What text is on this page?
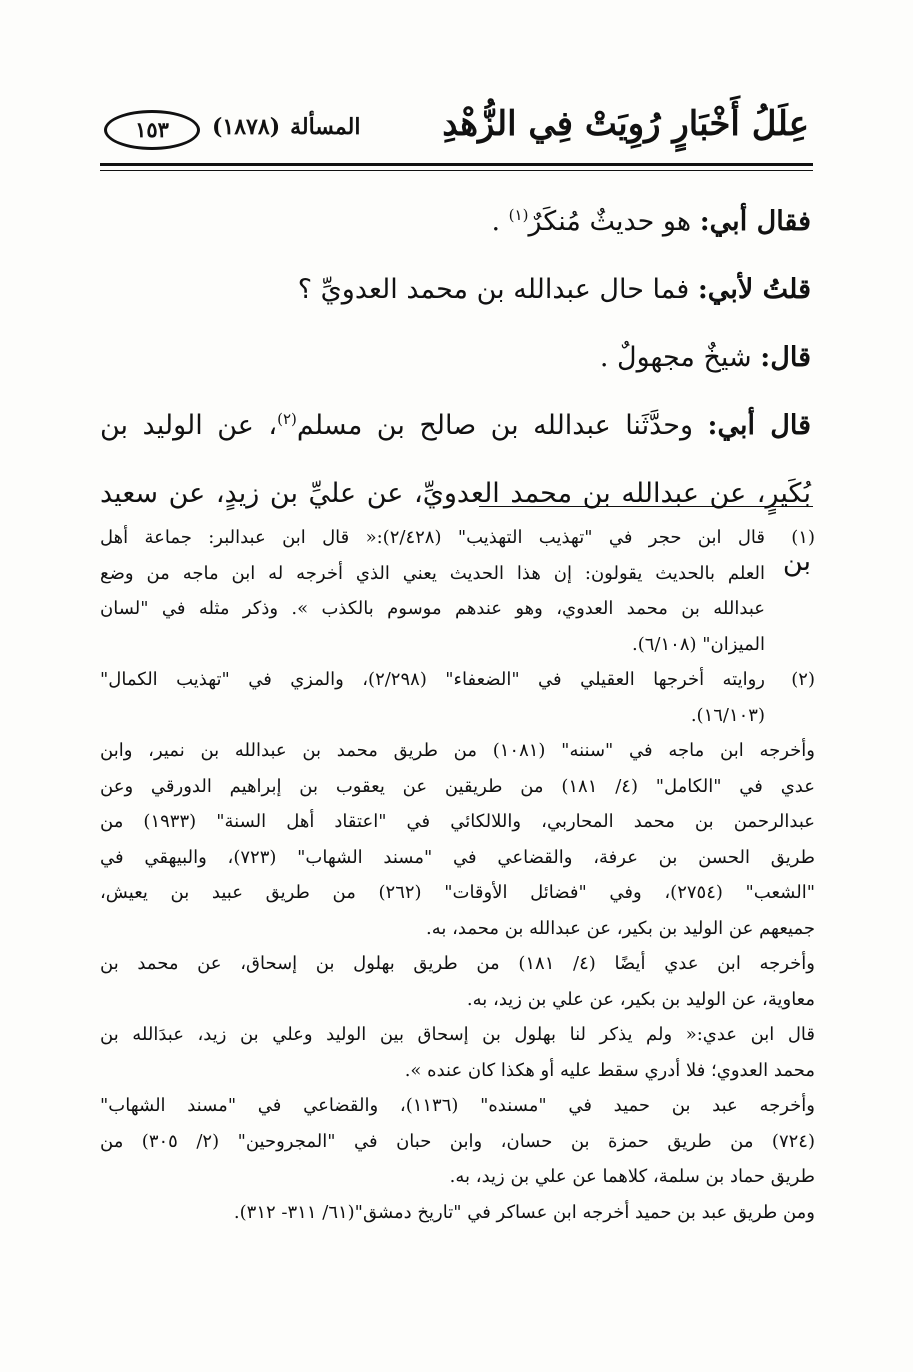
عِلَلُ أَخْبَارٍ رُوِيَتْ فِي الزُّهْدِ
المسألة(١٨٧٨)
١٥٣

فقال أبي: هو حديثٌ مُنكَرٌ$^{(١)}$ .

قلتُ لأبي: فما حال عبدالله بن محمد العدويِّ ؟

قال: شيخٌ مجهولٌ .

قال أبي: وحدَّثَنا عبدالله بن صالح بن مسلم$^{(٢)}$، عن الوليد بن

بُكَيرٍ، عن عبدالله بن محمد العدويِّ، عن عليِّ بن زيدٍ، عن سعيد بن

(١)
قال ابن حجر في "تهذيب التهذيب" (٢/٤٢٨):« قال ابن عبدالبر: جماعة أهل
العلم بالحديث يقولون: إن هذا الحديث يعني الذي أخرجه له ابن ماجه من وضع
عبدالله بن محمد العدوي، وهو عندهم موسوم بالكذب ». وذكر مثله في "لسان
الميزان" (٦/١٠٨).
(٢)
روايته أخرجها العقيلي في "الضعفاء" (٢/٢٩٨)، والمزي في "تهذيب الكمال"
(١٦/١٠٣).
وأخرجه ابن ماجه في "سننه" (١٠٨١) من طريق محمد بن عبدالله بن نمير، وابن
عدي في "الكامل" (٤/ ١٨١) من طريقين عن يعقوب بن إبراهيم الدورقي وعن
عبدالرحمن بن محمد المحاربي، واللالكائي في "اعتقاد أهل السنة" (١٩٣٣) من
طريق الحسن بن عرفة، والقضاعي في "مسند الشهاب" (٧٢٣)، والبيهقي في
"الشعب" (٢٧٥٤)، وفي "فضائل الأوقات" (٢٦٢) من طريق عبيد بن يعيش،
جميعهم عن الوليد بن بكير، عن عبدالله بن محمد، به.
وأخرجه ابن عدي أيضًا (٤/ ١٨١) من طريق بهلول بن إسحاق، عن محمد بن
معاوية، عن الوليد بن بكير، عن علي بن زيد، به.
قال ابن عدي:« ولم يذكر لنا بهلول بن إسحاق بين الوليد وعلي بن زيد، عبدَالله بن
محمد العدوي؛ فلا أدري سقط عليه أو هكذا كان عنده ».
وأخرجه عبد بن حميد في "مسنده" (١١٣٦)، والقضاعي في "مسند الشهاب"
(٧٢٤) من طريق حمزة بن حسان، وابن حبان في "المجروحين" (٢/ ٣٠٥) من
طريق حماد بن سلمة، كلاهما عن علي بن زيد، به.
ومن طريق عبد بن حميد أخرجه ابن عساكر في "تاريخ دمشق"(٦١/ ٣١١- ٣١٢).
